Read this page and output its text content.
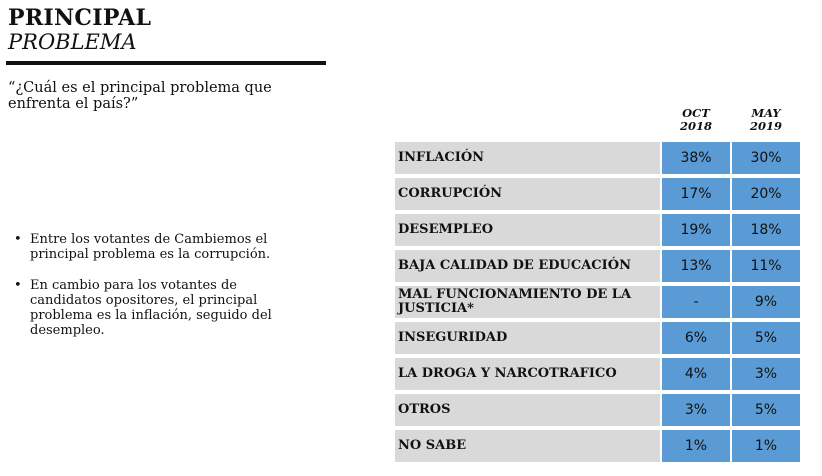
PRINCIPAL
PROBLEMA
“¿Cuál es el principal problema que enfrenta el país?”
• Entre los votantes de Cambiemos el principal problema es la corrupción.
• En cambio para los votantes de candidatos opositores, el principal problema es la inflación, seguido del desempleo.
OCT
2018
MAY
2019
INFLACIÓN	38%	30%
CORRUPCIÓN	17%	20%
DESEMPLEO	19%	18%
BAJA CALIDAD DE EDUCACIÓN	13%	11%
MAL FUNCIONAMIENTO DE LA JUSTICIA*	-	9%
INSEGURIDAD	6%	5%
LA DROGA Y NARCOTRAFICO	4%	3%
OTROS	3%	5%
NO SABE	1%	1%
